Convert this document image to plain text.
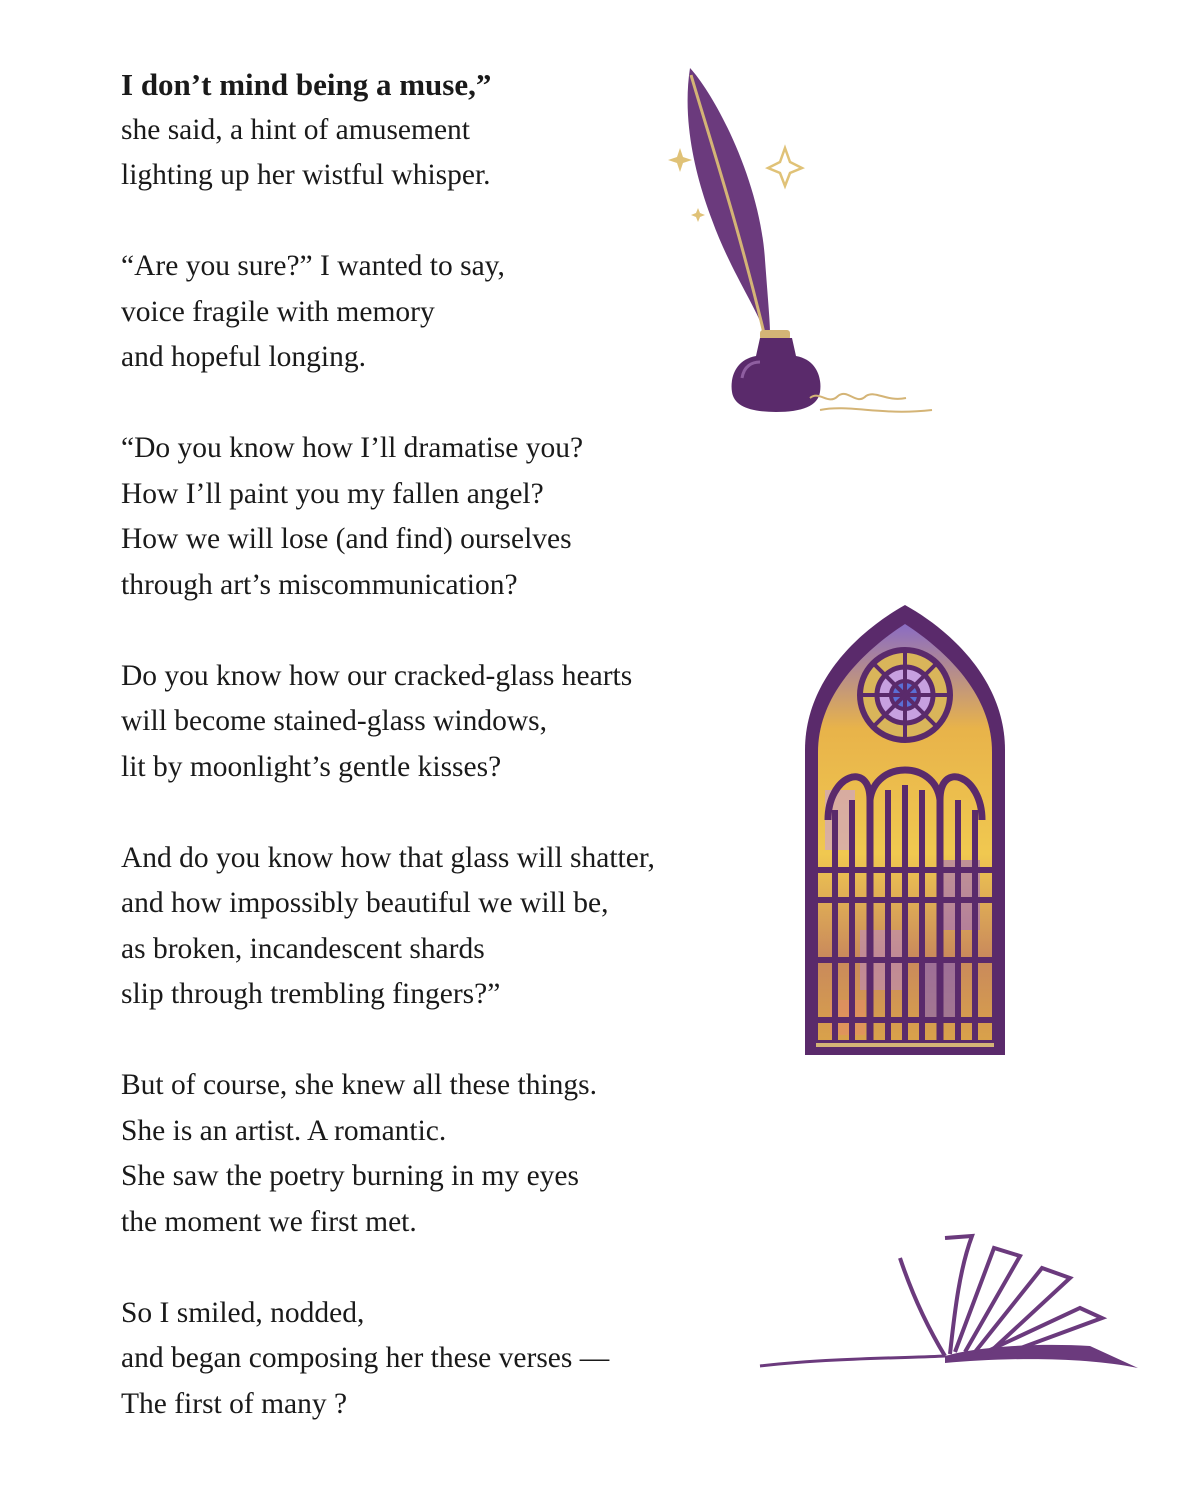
I don’t mind being a muse,”
she said, a hint of amusement
lighting up her wistful whisper.
“Are you sure?” I wanted to say,
voice fragile with memory
and hopeful longing.
“Do you know how I’ll dramatise you?
How I’ll paint you my fallen angel?
How we will lose (and find) ourselves
through art’s miscommunication?
Do you know how our cracked-glass hearts
will become stained-glass windows,
lit by moonlight’s gentle kisses?
And do you know how that glass will shatter,
and how impossibly beautiful we will be,
as broken, incandescent shards
slip through trembling fingers?”
But of course, she knew all these things.
She is an artist. A romantic.
She saw the poetry burning in my eyes
the moment we first met.
So I smiled, nodded,
and began composing her these verses —
The first of many ?
